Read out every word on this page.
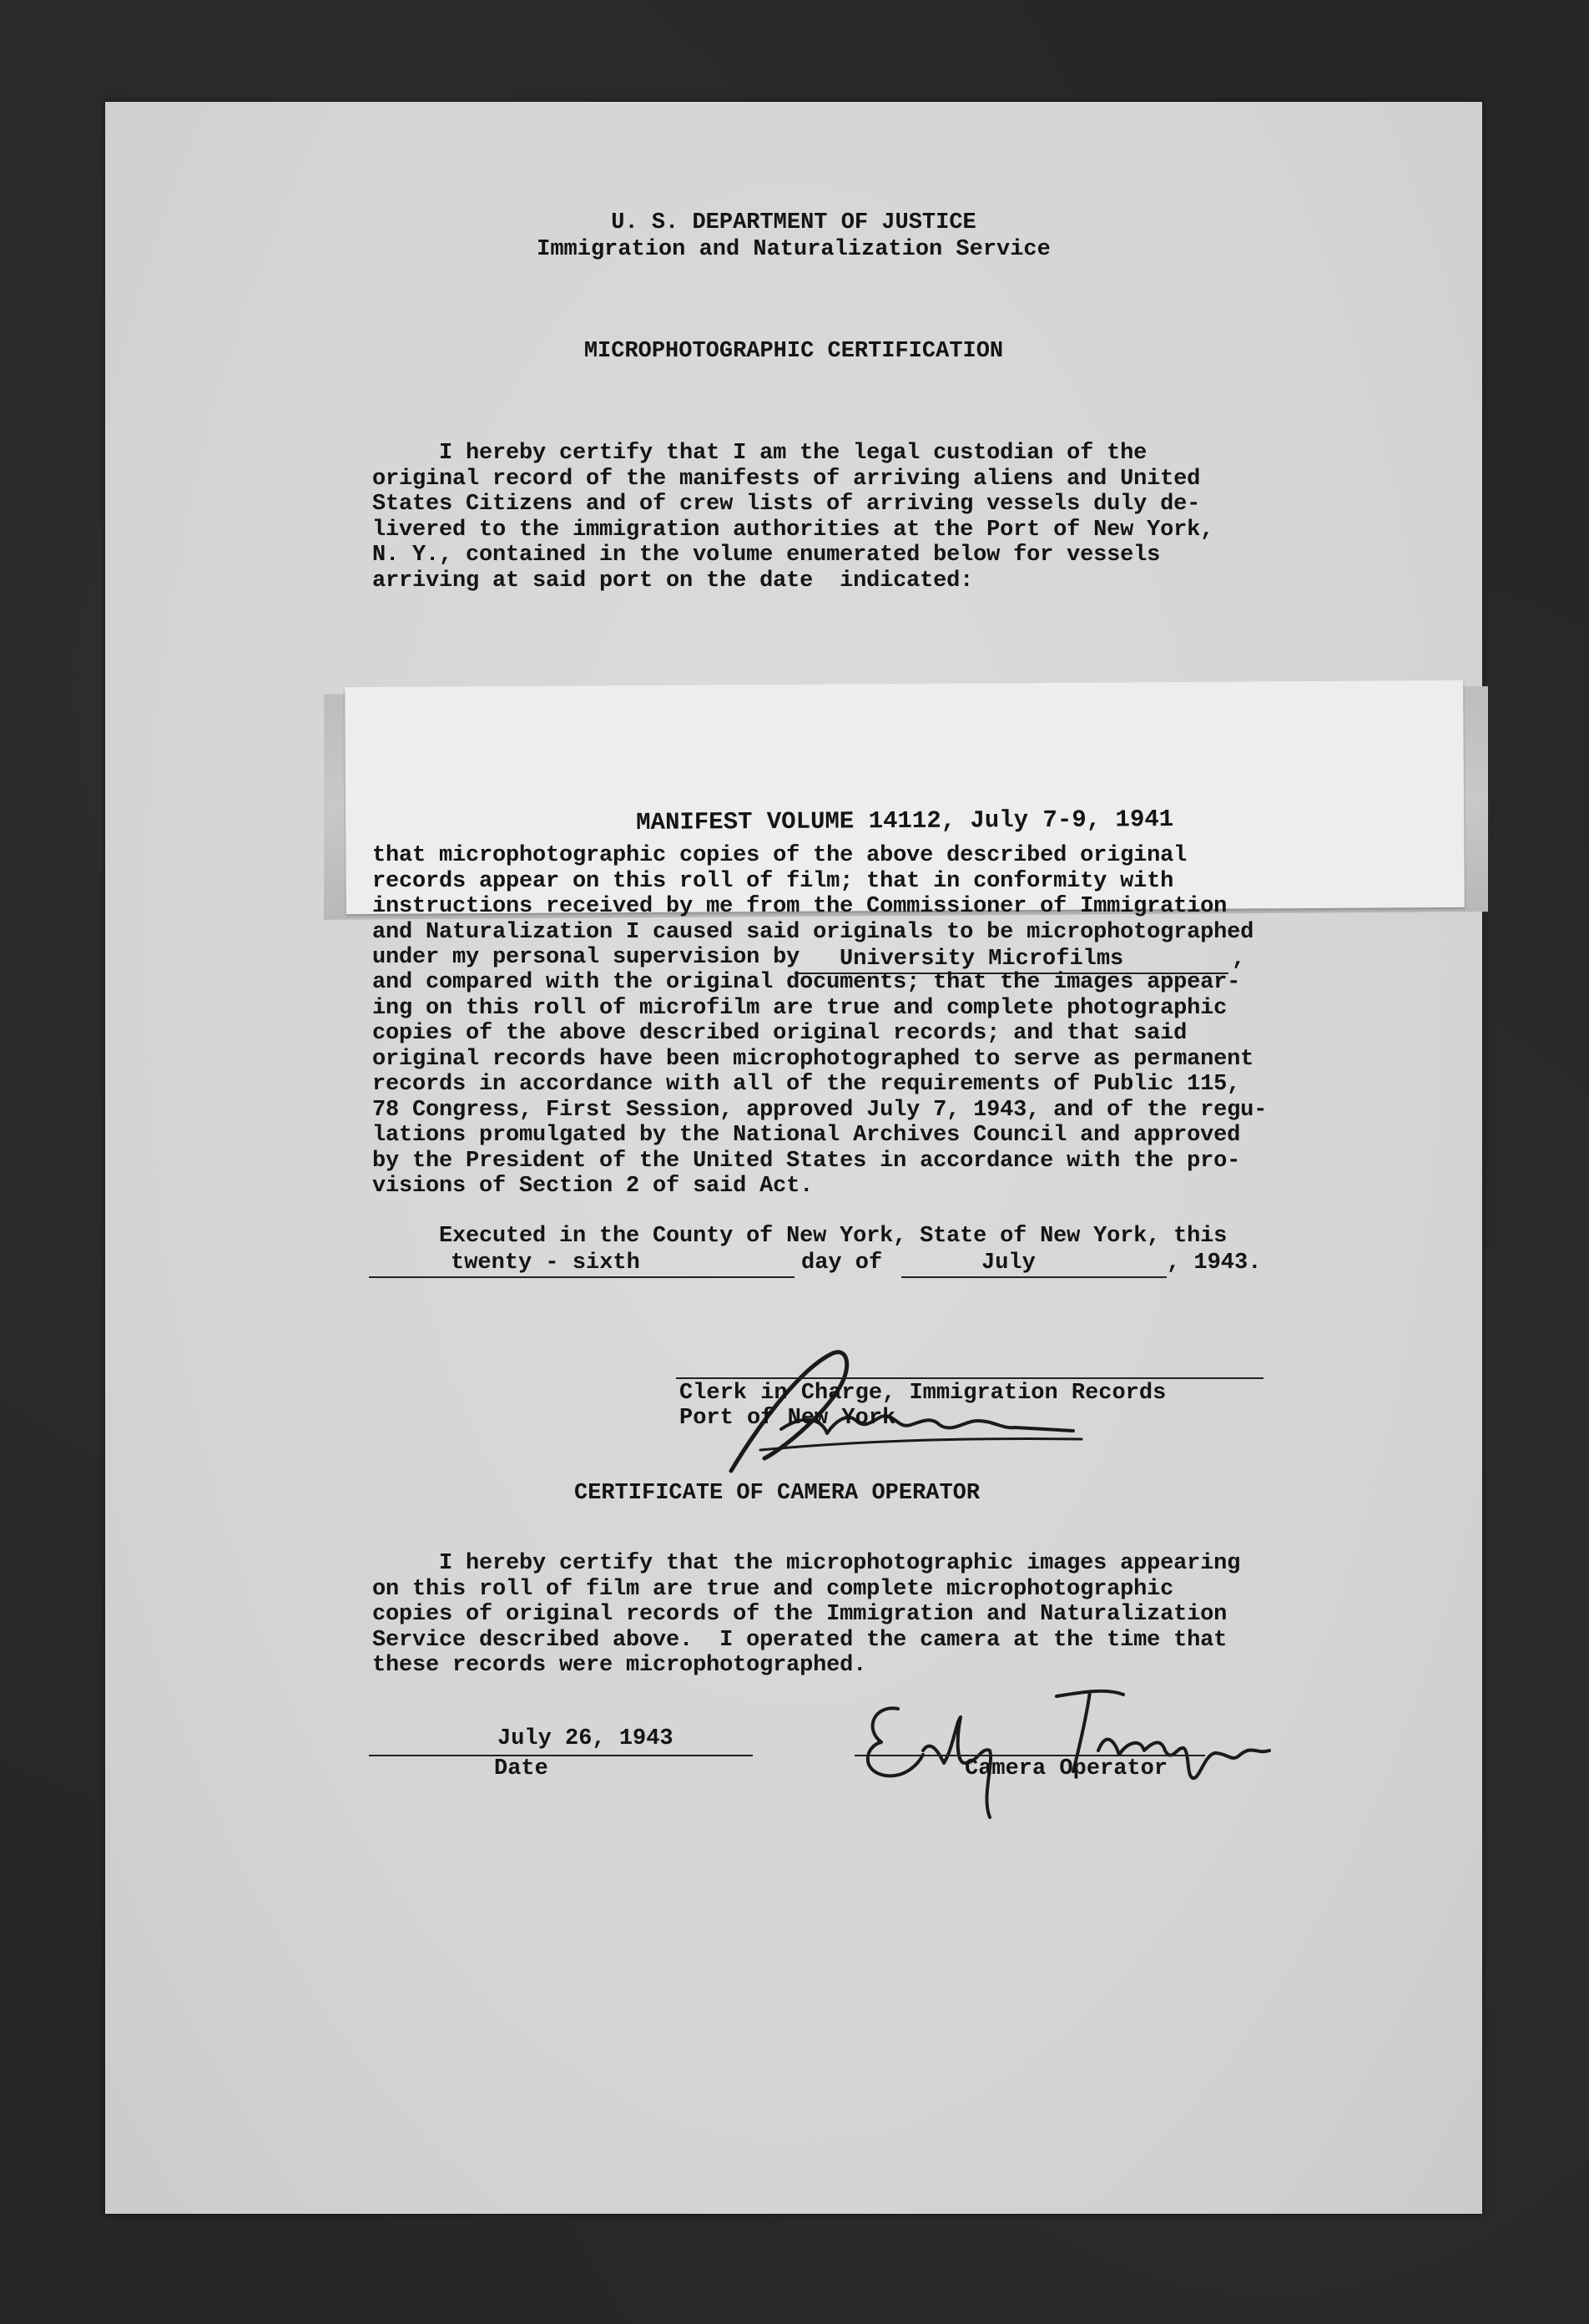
U. S. DEPARTMENT OF JUSTICE
Immigration and Naturalization Service
MICROPHOTOGRAPHIC CERTIFICATION
I hereby certify that I am the legal custodian of the
original record of the manifests of arriving aliens and United
States Citizens and of crew lists of arriving vessels duly de-
livered to the immigration authorities at the Port of New York,
N. Y., contained in the volume enumerated below for vessels
arriving at said port on the date  indicated:
MANIFEST VOLUME 14112, July 7-9, 1941
that microphotographic copies of the above described original
records appear on this roll of film; that in conformity with
instructions received by me from the Commissioner of Immigration
and Naturalization I caused said originals to be microphotographed
under my personal supervision by	University Microfilms	,
and compared with the original documents; that the images appear-
ing on this roll of microfilm are true and complete photographic
copies of the above described original records; and that said
original records have been microphotographed to serve as permanent
records in accordance with all of the requirements of Public 115,
78 Congress, First Session, approved July 7, 1943, and of the regu-
lations promulgated by the National Archives Council and approved
by the President of the United States in accordance with the pro-
visions of Section 2 of said Act.
Executed in the County of New York, State of New York, this
twenty - sixth	day of	July	, 1943.
Clerk in Charge, Immigration Records
Port of New York
CERTIFICATE OF CAMERA OPERATOR
I hereby certify that the microphotographic images appearing
on this roll of film are true and complete microphotographic
copies of original records of the Immigration and Naturalization
Service described above.  I operated the camera at the time that
these records were microphotographed.
July 26, 1943
Date	Camera Operator
